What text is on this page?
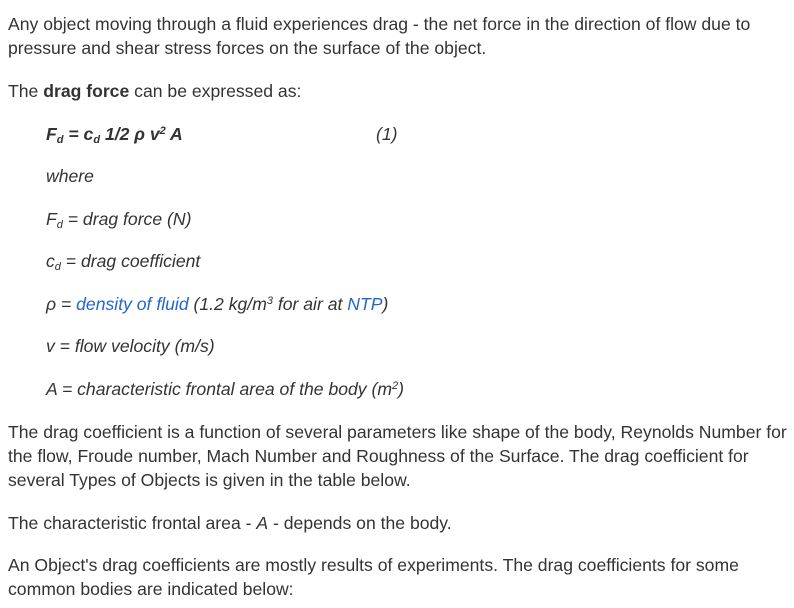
Any object moving through a fluid experiences drag - the net force in the direction of flow due to pressure and shear stress forces on the surface of the object.

The drag force can be expressed as:

$F_d = c_d$ 1/2 ρ $v^2$ A	(1)

where

$F_d$ = drag force (N)

$c_d$ = drag coefficient

ρ = density of fluid (1.2 $kg/m^3$ for air at NTP)

v = flow velocity (m/s)

A = characteristic frontal area of the body $(m^2)$

The drag coefficient is a function of several parameters like shape of the body, Reynolds Number for the flow, Froude number, Mach Number and Roughness of the Surface. The drag coefficient for several Types of Objects is given in the table below.

The characteristic frontal area - A - depends on the body.

An Object's drag coefficients are mostly results of experiments. The drag coefficients for some common bodies are indicated below:
